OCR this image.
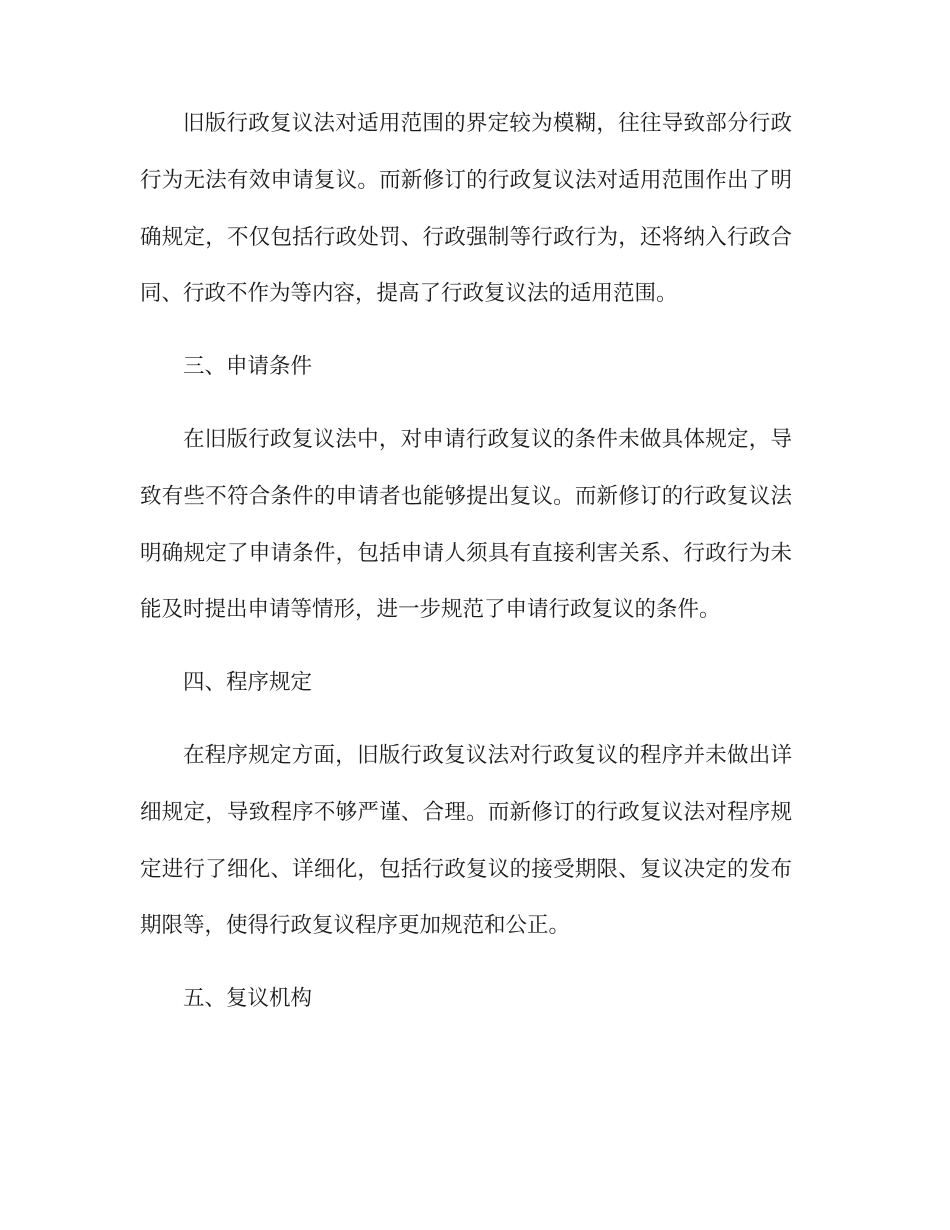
旧版行政复议法对适用范围的界定较为模糊，往往导致部分行政行为无法有效申请复议。而新修订的行政复议法对适用范围作出了明确规定，不仅包括行政处罚、行政强制等行政行为，还将纳入行政合同、行政不作为等内容，提高了行政复议法的适用范围。

三、申请条件

在旧版行政复议法中，对申请行政复议的条件未做具体规定，导致有些不符合条件的申请者也能够提出复议。而新修订的行政复议法明确规定了申请条件，包括申请人须具有直接利害关系、行政行为未能及时提出申请等情形，进一步规范了申请行政复议的条件。

四、程序规定

在程序规定方面，旧版行政复议法对行政复议的程序并未做出详细规定，导致程序不够严谨、合理。而新修订的行政复议法对程序规定进行了细化、详细化，包括行政复议的接受期限、复议决定的发布期限等，使得行政复议程序更加规范和公正。

五、复议机构
